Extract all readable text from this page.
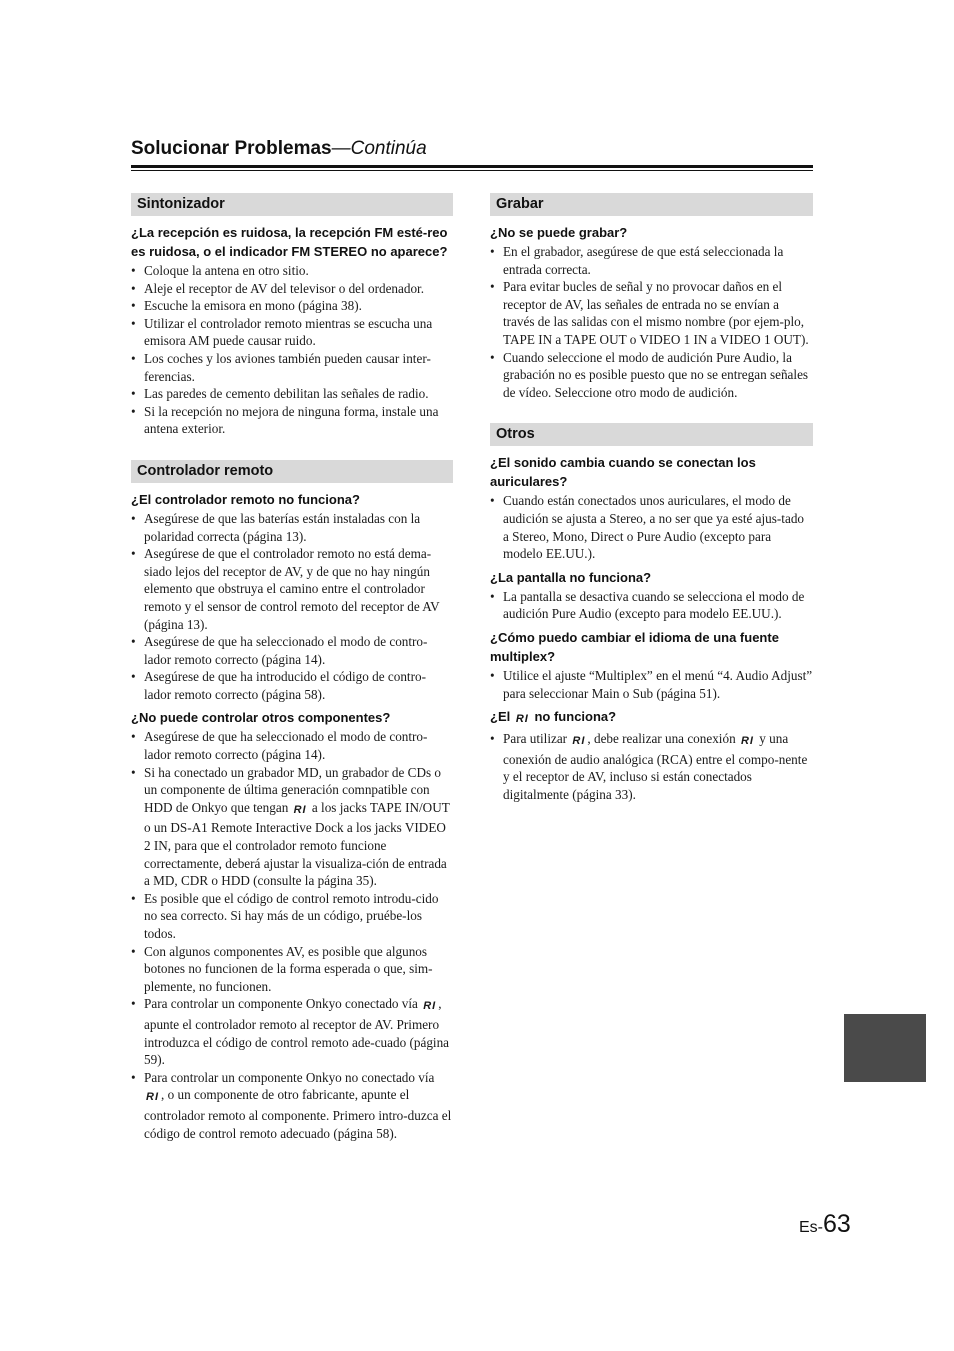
Solucionar Problemas—Continúa
Sintonizador
¿La recepción es ruidosa, la recepción FM esté-reo es ruidosa, o el indicador FM STEREO no aparece?
• Coloque la antena en otro sitio.
• Aleje el receptor de AV del televisor o del ordenador.
• Escuche la emisora en mono (página 38).
• Utilizar el controlador remoto mientras se escucha una emisora AM puede causar ruido.
• Los coches y los aviones también pueden causar inter-ferencias.
• Las paredes de cemento debilitan las señales de radio.
• Si la recepción no mejora de ninguna forma, instale una antena exterior.
Controlador remoto
¿El controlador remoto no funciona?
• Asegúrese de que las baterías están instaladas con la polaridad correcta (página 13).
• Asegúrese de que el controlador remoto no está dema-siado lejos del receptor de AV, y de que no hay ningún elemento que obstruya el camino entre el controlador remoto y el sensor de control remoto del receptor de AV (página 13).
• Asegúrese de que ha seleccionado el modo de contro-lador remoto correcto (página 14).
• Asegúrese de que ha introducido el código de contro-lador remoto correcto (página 58).
¿No puede controlar otros componentes?
• Asegúrese de que ha seleccionado el modo de contro-lador remoto correcto (página 14).
• Si ha conectado un grabador MD, un grabador de CDs o un componente de última generación comnpatible con HDD de Onkyo que tengan RI a los jacks TAPE IN/OUT o un DS-A1 Remote Interactive Dock a los jacks VIDEO 2 IN, para que el controlador remoto funcione correctamente, deberá ajustar la visualiza-ción de entrada a MD, CDR o HDD (consulte la página 35).
• Es posible que el código de control remoto introdu-cido no sea correcto. Si hay más de un código, pruébe-los todos.
• Con algunos componentes AV, es posible que algunos botones no funcionen de la forma esperada o que, sim-plemente, no funcionen.
• Para controlar un componente Onkyo conectado vía RI , apunte el controlador remoto al receptor de AV. Primero introduzca el código de control remoto ade-cuado (página 59).
• Para controlar un componente Onkyo no conectado vía RI , o un componente de otro fabricante, apunte el controlador remoto al componente. Primero intro-duzca el código de control remoto adecuado (página 58).
Grabar
¿No se puede grabar?
• En el grabador, asegúrese de que está seleccionada la entrada correcta.
• Para evitar bucles de señal y no provocar daños en el receptor de AV, las señales de entrada no se envían a través de las salidas con el mismo nombre (por ejem-plo, TAPE IN a TAPE OUT o VIDEO 1 IN a VIDEO 1 OUT).
• Cuando seleccione el modo de audición Pure Audio, la grabación no es posible puesto que no se entregan señales de vídeo. Seleccione otro modo de audición.
Otros
¿El sonido cambia cuando se conectan los auriculares?
• Cuando están conectados unos auriculares, el modo de audición se ajusta a Stereo, a no ser que ya esté ajus-tado a Stereo, Mono, Direct o Pure Audio (excepto para modelo EE.UU.).
¿La pantalla no funciona?
• La pantalla se desactiva cuando se selecciona el modo de audición Pure Audio (excepto para modelo EE.UU.).
¿Cómo puedo cambiar el idioma de una fuente multiplex?
• Utilice el ajuste “Multiplex” en el menú “4. Audio Adjust” para seleccionar Main o Sub (página 51).
¿El RI no funciona?
• Para utilizar RI , debe realizar una conexión RI y una conexión de audio analógica (RCA) entre el compo-nente y el receptor de AV, incluso si están conectados digitalmente (página 33).
Es-63
